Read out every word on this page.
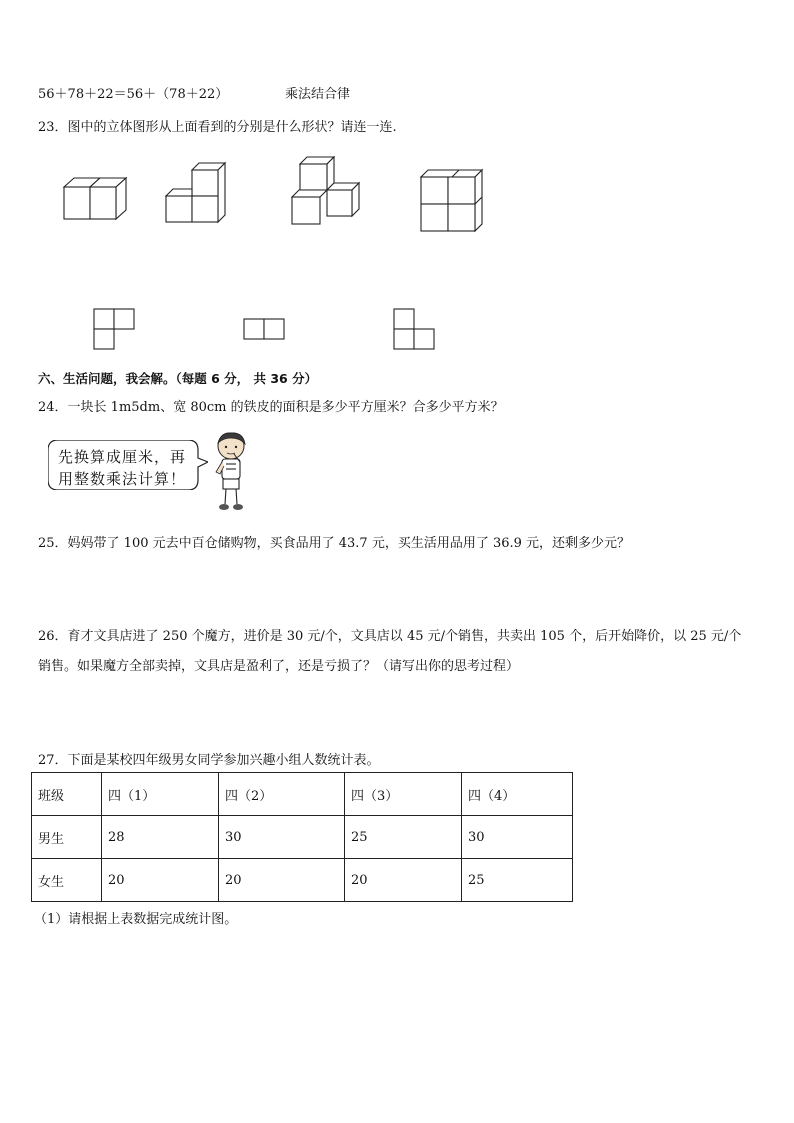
56＋78＋22＝56＋（78＋22）	乘法结合律
23．图中的立体图形从上面看到的分别是什么形状？请连一连.
六、生活问题，我会解。（每题 6 分， 共 36 分）
24．一块长 1m5dm、宽 80cm 的铁皮的面积是多少平方厘米？合多少平方米？
先换算成厘米，再
用整数乘法计算！
25．妈妈带了 100 元去中百仓储购物，买食品用了 43.7 元，买生活用品用了 36.9 元，还剩多少元？
26．育才文具店进了 250 个魔方，进价是 30 元/个，文具店以 45 元/个销售，共卖出 105 个，后开始降价，以 25 元/个
销售。如果魔方全部卖掉，文具店是盈利了，还是亏损了？（请写出你的思考过程）
27．下面是某校四年级男女同学参加兴趣小组人数统计表。
班级	四（1）	四（2）	四（3）	四（4）
男生	28	30	25	30
女生	20	20	20	25
（1）请根据上表数据完成统计图。
